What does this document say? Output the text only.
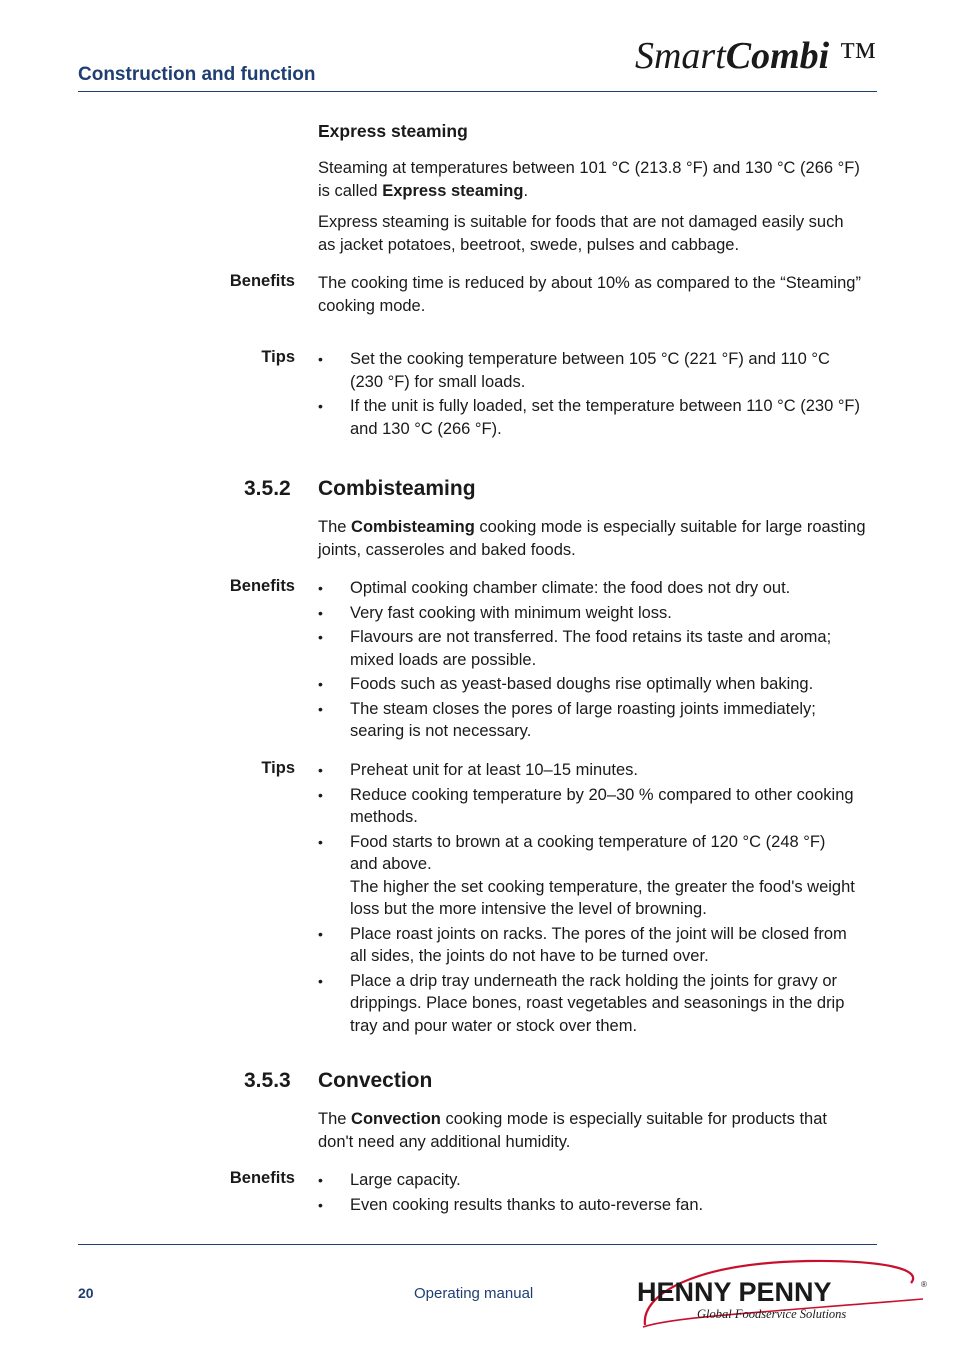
Construction and function	SmartCombi ™
Express steaming
Steaming at temperatures between 101 °C (213.8 °F) and 130 °C (266 °F)
is called Express steaming.
Express steaming is suitable for foods that are not damaged easily such
as jacket potatoes, beetroot, swede, pulses and cabbage.
Benefits The cooking time is reduced by about 10% as compared to the “Steaming”
cooking mode.
Tips	• Set the cooking temperature between 105 °C (221 °F) and 110 °C
(230 °F) for small loads.
• If the unit is fully loaded, set the temperature between 110 °C (230 °F)
and 130 °C (266 °F).
3.5.2 Combisteaming
The Combisteaming cooking mode is especially suitable for large roasting
joints, casseroles and baked foods.
Benefits	• Optimal cooking chamber climate: the food does not dry out.
• Very fast cooking with minimum weight loss.
• Flavours are not transferred. The food retains its taste and aroma;
mixed loads are possible.
• Foods such as yeast-based doughs rise optimally when baking.
• The steam closes the pores of large roasting joints immediately;
searing is not necessary.
Tips	• Preheat unit for at least 10–15 minutes.
• Reduce cooking temperature by 20–30 % compared to other cooking
methods.
• Food starts to brown at a cooking temperature of 120 °C (248 °F)
and above.
The higher the set cooking temperature, the greater the food's weight
loss but the more intensive the level of browning.
• Place roast joints on racks. The pores of the joint will be closed from
all sides, the joints do not have to be turned over.
• Place a drip tray underneath the rack holding the joints for gravy or
drippings. Place bones, roast vegetables and seasonings in the drip
tray and pour water or stock over them.
3.5.3 Convection
The Convection cooking mode is especially suitable for products that
don't need any additional humidity.
Benefits	• Large capacity.
• Even cooking results thanks to auto-reverse fan.
20	Operating manual	HENNY PENNY	®
Global Foodservice Solutions
